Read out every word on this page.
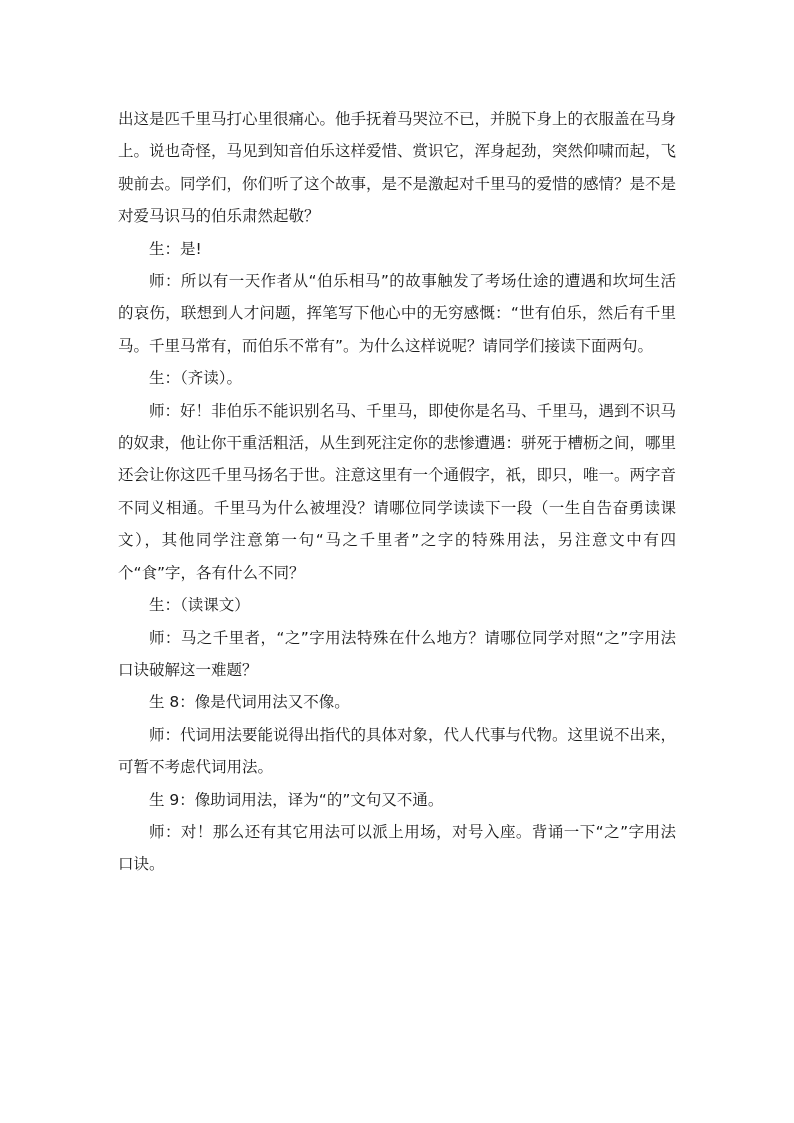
出这是匹千里马打心里很痛心。他手抚着马哭泣不已，并脱下身上的衣服盖在马身上。说也奇怪，马见到知音伯乐这样爱惜、赏识它，浑身起劲，突然仰啸而起，飞驶前去。同学们，你们听了这个故事，是不是激起对千里马的爱惜的感情？是不是对爱马识马的伯乐肃然起敬？

生：是!

师：所以有一天作者从“伯乐相马”的故事触发了考场仕途的遭遇和坎坷生活的哀伤，联想到人才问题，挥笔写下他心中的无穷感慨：“世有伯乐，然后有千里马。千里马常有，而伯乐不常有”。为什么这样说呢？请同学们接读下面两句。

生：（齐读）。

师：好！非伯乐不能识别名马、千里马，即使你是名马、千里马，遇到不识马的奴隶，他让你干重活粗活，从生到死注定你的悲惨遭遇：骈死于槽枥之间，哪里还会让你这匹千里马扬名于世。注意这里有一个通假字，祇，即只，唯一。两字音不同义相通。千里马为什么被埋没？请哪位同学读读下一段（一生自告奋勇读课文），其他同学注意第一句“马之千里者”之字的特殊用法，另注意文中有四个“食”字，各有什么不同？

生：（读课文）

师：马之千里者，“之”字用法特殊在什么地方？请哪位同学对照“之”字用法口诀破解这一难题？

生 8：像是代词用法又不像。

师：代词用法要能说得出指代的具体对象，代人代事与代物。这里说不出来，可暂不考虑代词用法。

生 9：像助词用法，译为“的”文句又不通。

师：对！那么还有其它用法可以派上用场，对号入座。背诵一下“之”字用法口诀。
